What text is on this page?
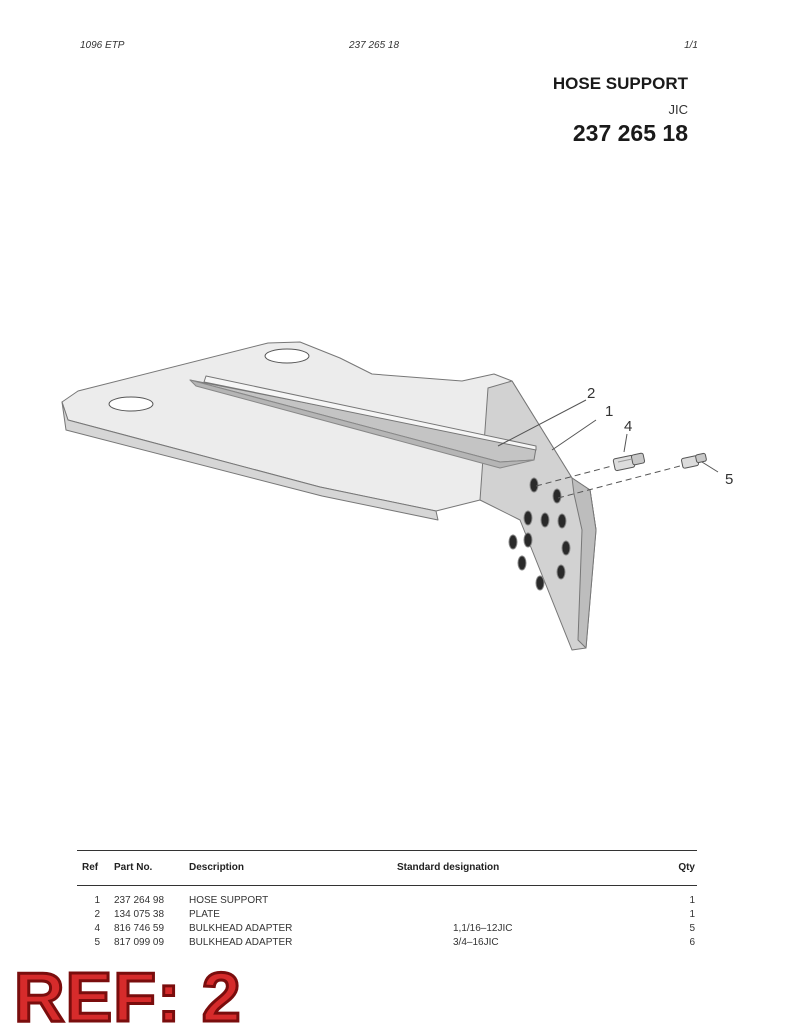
1096 ETP	237 265 18	1/1
HOSE SUPPORT
JIC
237 265 18
2
1
4
5
Ref Part No.	Description	Standard designation	Qty
1 237 264 98 HOSE SUPPORT	1
2 134 075 38 PLATE	1
4 816 746 59 BULKHEAD ADAPTER	1,1/16–12JIC	5
5 817 099 09 BULKHEAD ADAPTER	3/4–16JIC	6
REF: 2
